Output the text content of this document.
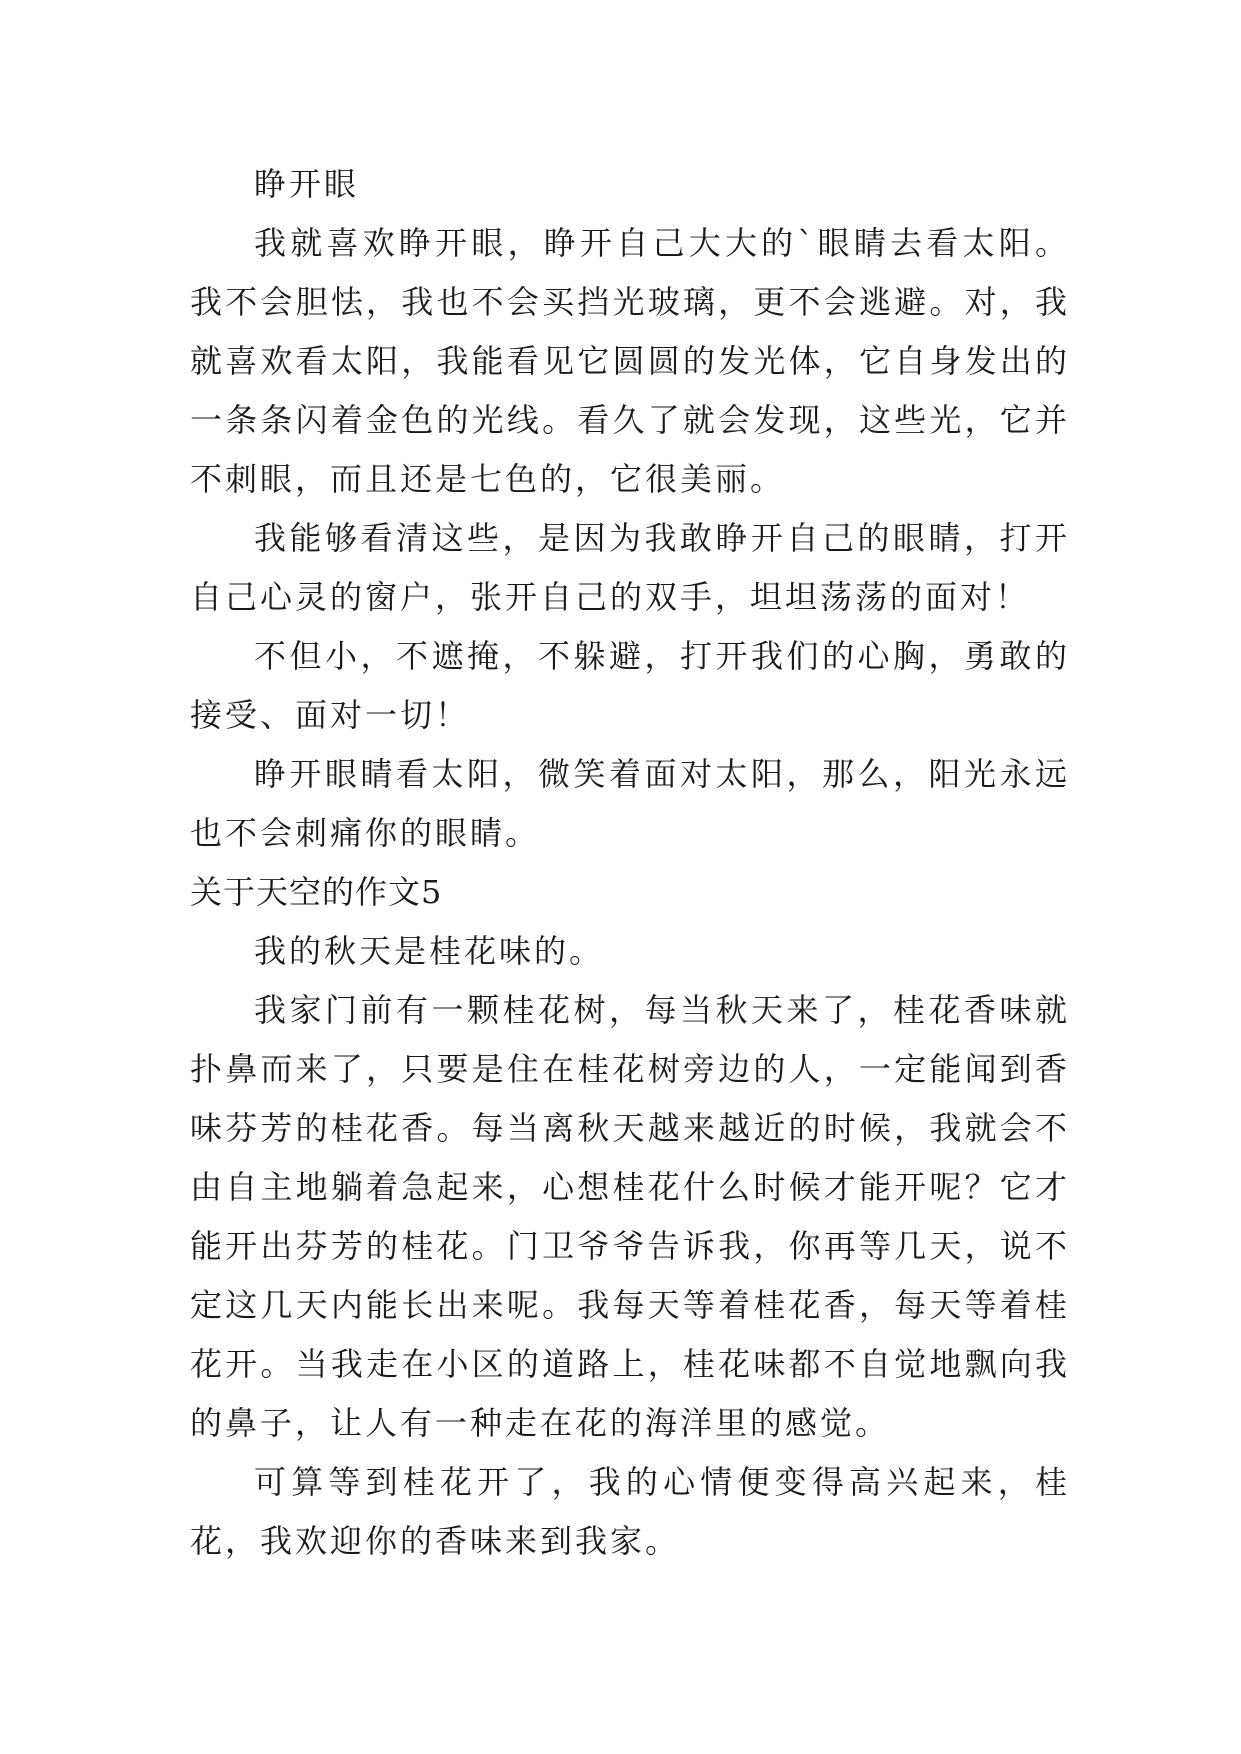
睁开眼

我就喜欢睁开眼，睁开自己大大的`眼睛去看太阳。我不会胆怯，我也不会买挡光玻璃，更不会逃避。对，我就喜欢看太阳，我能看见它圆圆的发光体，它自身发出的一条条闪着金色的光线。看久了就会发现，这些光，它并不刺眼，而且还是七色的，它很美丽。

我能够看清这些，是因为我敢睁开自己的眼睛，打开自己心灵的窗户，张开自己的双手，坦坦荡荡的面对！

不但小，不遮掩，不躲避，打开我们的心胸，勇敢的接受、面对一切！

睁开眼睛看太阳，微笑着面对太阳，那么，阳光永远也不会刺痛你的眼睛。

关于天空的作文5

我的秋天是桂花味的。

我家门前有一颗桂花树，每当秋天来了，桂花香味就扑鼻而来了，只要是住在桂花树旁边的人，一定能闻到香味芬芳的桂花香。每当离秋天越来越近的时候，我就会不由自主地躺着急起来，心想桂花什么时候才能开呢？它才能开出芬芳的桂花。门卫爷爷告诉我，你再等几天，说不定这几天内能长出来呢。我每天等着桂花香，每天等着桂花开。当我走在小区的道路上，桂花味都不自觉地飘向我的鼻子，让人有一种走在花的海洋里的感觉。

可算等到桂花开了，我的心情便变得高兴起来，桂花，我欢迎你的香味来到我家。
